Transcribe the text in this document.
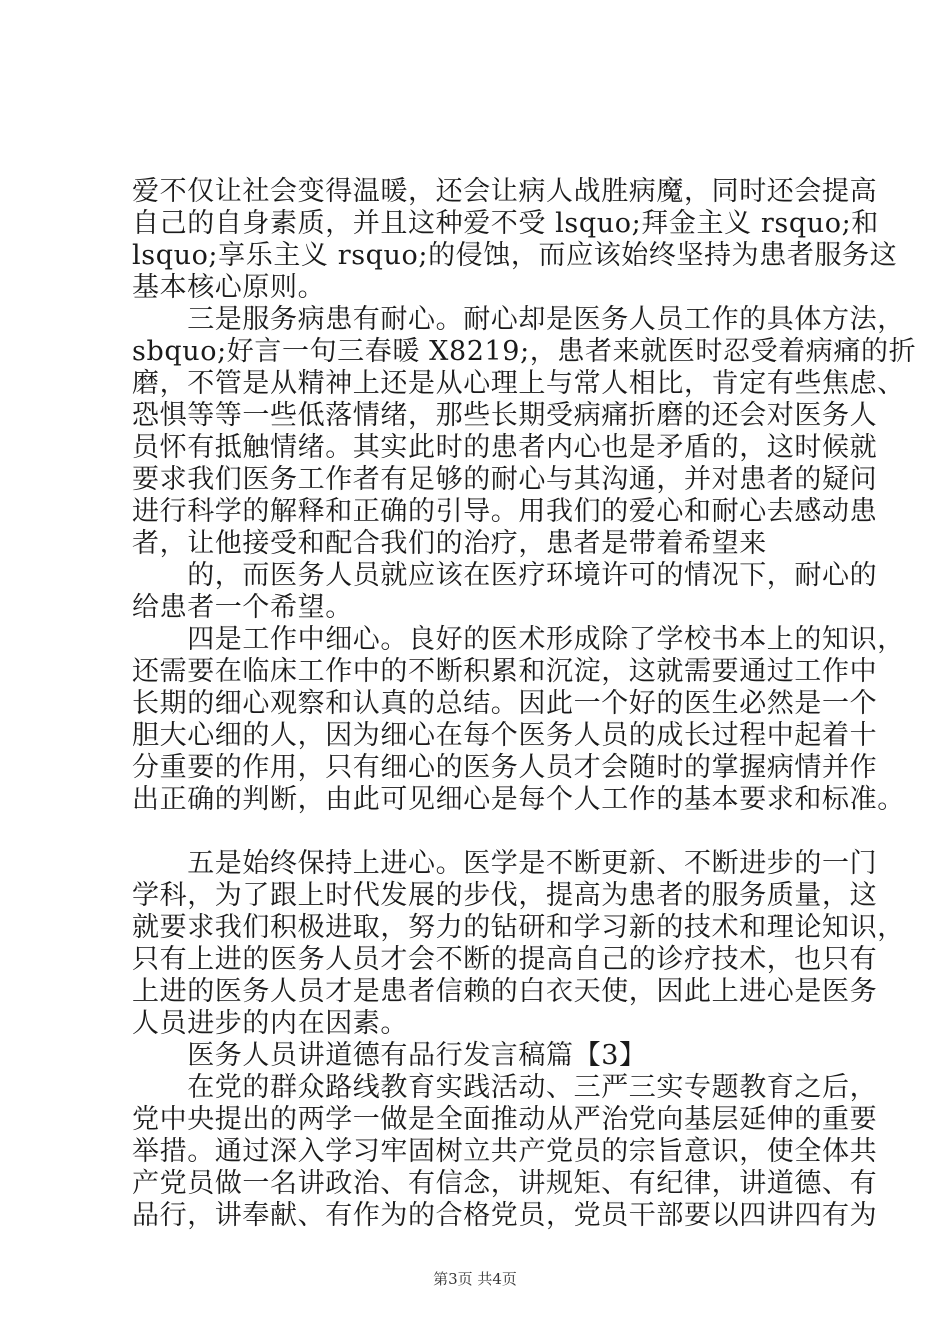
爱不仅让社会变得温暖，还会让病人战胜病魔，同时还会提高
自己的自身素质，并且这种爱不受 lsquo;拜金主义 rsquo;和
lsquo;享乐主义 rsquo;的侵蚀，而应该始终坚持为患者服务这
基本核心原则。
　　三是服务病患有耐心。耐心却是医务人员工作的具体方法，
sbquo;好言一句三春暖 X8219;，患者来就医时忍受着病痛的折
磨，不管是从精神上还是从心理上与常人相比，肯定有些焦虑、
恐惧等等一些低落情绪，那些长期受病痛折磨的还会对医务人
员怀有抵触情绪。其实此时的患者内心也是矛盾的，这时候就
要求我们医务工作者有足够的耐心与其沟通，并对患者的疑问
进行科学的解释和正确的引导。用我们的爱心和耐心去感动患
者，让他接受和配合我们的治疗，患者是带着希望来
　　的，而医务人员就应该在医疗环境许可的情况下，耐心的
给患者一个希望。
　　四是工作中细心。良好的医术形成除了学校书本上的知识，
还需要在临床工作中的不断积累和沉淀，这就需要通过工作中
长期的细心观察和认真的总结。因此一个好的医生必然是一个
胆大心细的人，因为细心在每个医务人员的成长过程中起着十
分重要的作用，只有细心的医务人员才会随时的掌握病情并作
出正确的判断，由此可见细心是每个人工作的基本要求和标准。
　　五是始终保持上进心。医学是不断更新、不断进步的一门
学科，为了跟上时代发展的步伐，提高为患者的服务质量，这
就要求我们积极进取，努力的钻研和学习新的技术和理论知识，
只有上进的医务人员才会不断的提高自己的诊疗技术，也只有
上进的医务人员才是患者信赖的白衣天使，因此上进心是医务
人员进步的内在因素。
　　医务人员讲道德有品行发言稿篇【3】
　　在党的群众路线教育实践活动、三严三实专题教育之后，
党中央提出的两学一做是全面推动从严治党向基层延伸的重要
举措。通过深入学习牢固树立共产党员的宗旨意识，使全体共
产党员做一名讲政治、有信念，讲规矩、有纪律，讲道德、有
品行，讲奉献、有作为的合格党员，党员干部要以四讲四有为
第3页 共4页
